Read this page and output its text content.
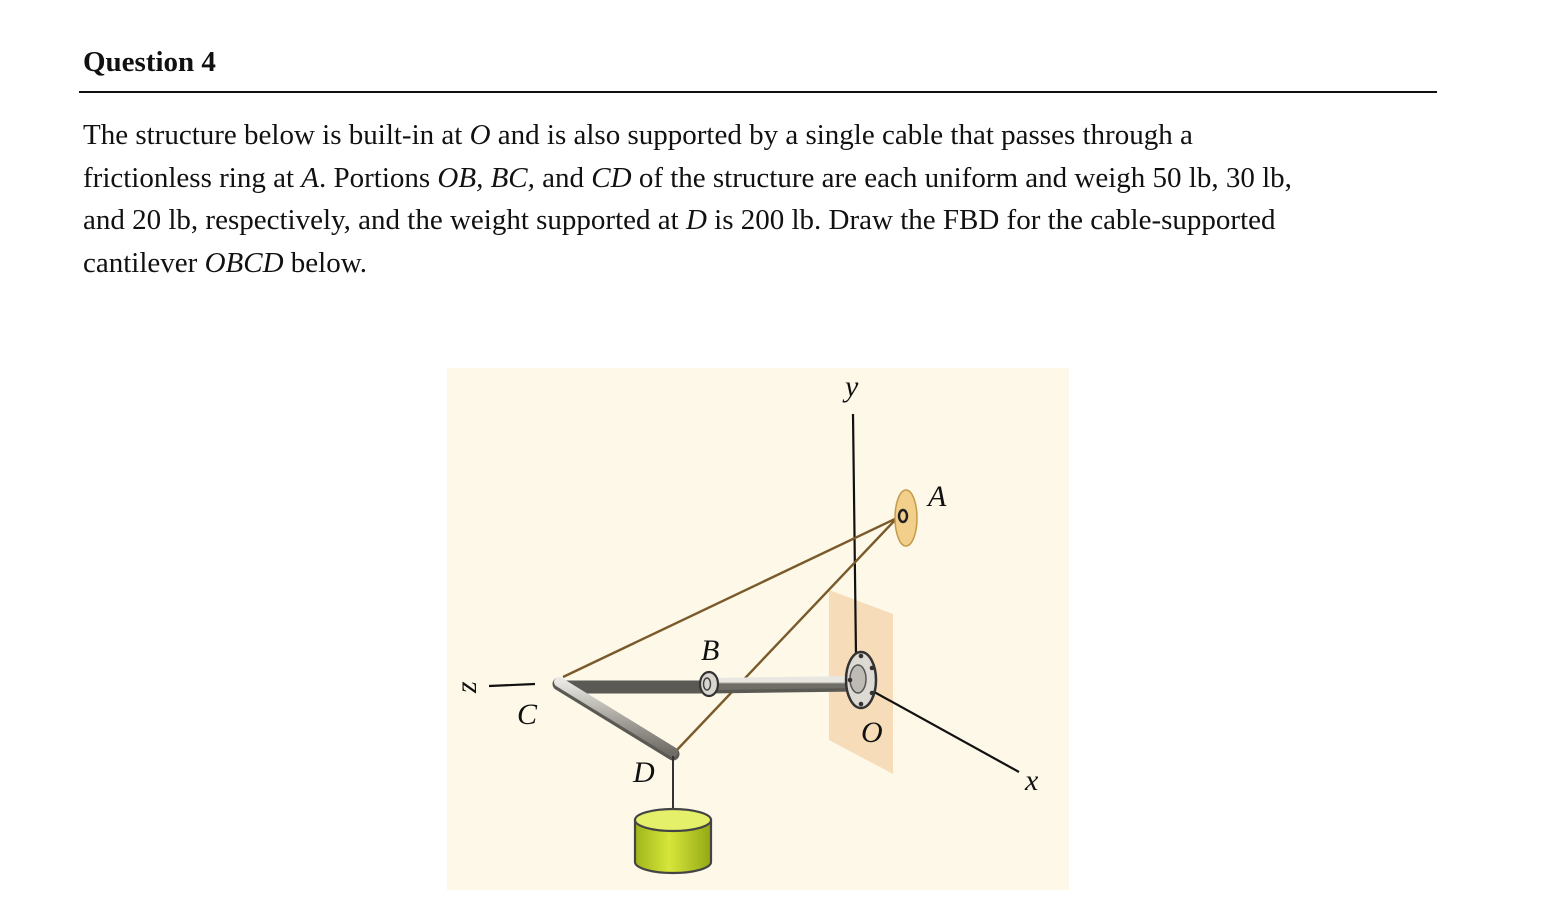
Question 4

The structure below is built-in at O and is also supported by a single cable that passes through a
frictionless ring at A. Portions OB, BC, and CD of the structure are each uniform and weigh 50 lb, 30 lb,
and 20 lb, respectively, and the weight supported at D is 200 lb. Draw the FBD for the cable-supported
cantilever OBCD below.

y
A
B
z
C
O
D	x
